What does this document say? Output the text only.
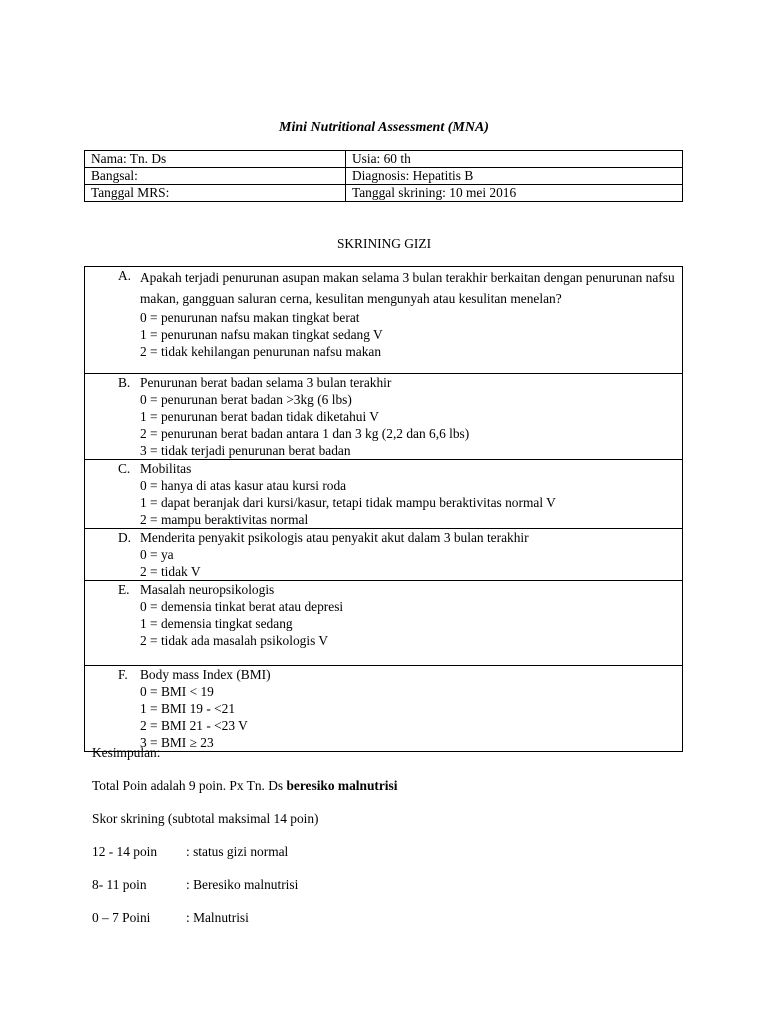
Mini Nutritional Assessment (MNA)
Nama: Tn. Ds	Usia: 60 th
Bangsal:	Diagnosis: Hepatitis B
Tanggal MRS:	Tanggal skrining: 10 mei 2016
SKRINING GIZI
A. Apakah terjadi penurunan asupan makan selama 3 bulan terakhir berkaitan dengan penurunan nafsu makan, gangguan saluran cerna, kesulitan mengunyah atau kesulitan menelan?
0 = penurunan nafsu makan tingkat berat
1 = penurunan nafsu makan tingkat sedang V
2 = tidak kehilangan penurunan nafsu makan

B. Penurunan berat badan selama 3 bulan terakhir
0 = penurunan berat badan >3kg (6 lbs)
1 = penurunan berat badan tidak diketahui V
2 = penurunan berat badan antara 1 dan 3 kg (2,2 dan 6,6 lbs)
3 = tidak terjadi penurunan berat badan

C. Mobilitas
0 = hanya di atas kasur atau kursi roda
1 = dapat beranjak dari kursi/kasur, tetapi tidak mampu beraktivitas normal V
2 = mampu beraktivitas normal

D. Menderita penyakit psikologis atau penyakit akut dalam 3 bulan terakhir
0 = ya
2 = tidak V

E. Masalah neuropsikologis
0 = demensia tinkat berat atau depresi
1 = demensia tingkat sedang
2 = tidak ada masalah psikologis V

F. Body mass Index (BMI)
0 = BMI < 19
1 = BMI 19 - <21
2 = BMI 21 - <23 V
3 = BMI ≥ 23
Kesimpulan:
Total Poin adalah 9 poin. Px Tn. Ds beresiko malnutrisi
Skor skrining (subtotal maksimal 14 poin)
12 - 14 poin	: status gizi normal
8- 11 poin	: Beresiko malnutrisi
0 – 7 Poini	: Malnutrisi
